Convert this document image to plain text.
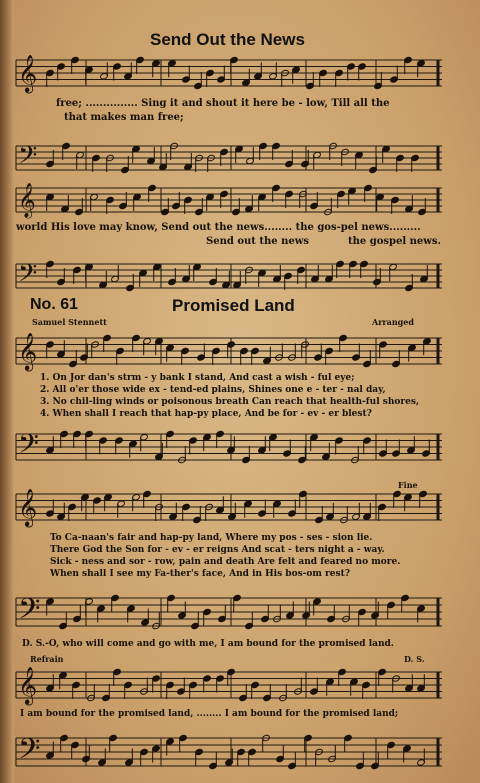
Send Out the News
𝄞
free; ............... Sing it and shout it here be - low, Till all the
that makes man free;
𝄢
𝄞
world His love may know, Send out the news........ the gos-pel news.........
Send out the news	the gospel news.
𝄢
No. 61	Promised Land
Samuel Stennett	Arranged
𝄞
1. On Jor dan's strm - y bank I stand, And cast a wish - ful eye;
2. All o'er those wide ex - tend-ed plains, Shines one e - ter - nal day,
3. No chil-ling winds or poisonous breath Can reach that health-ful shores,
4. When shall I reach that hap-py place, And be for - ev - er blest?
𝄢
𝄞
Fine
To Ca-naan's fair and hap-py land, Where my pos - ses - sion lie.
There God the Son for - ev - er reigns And scat - ters night a - way.
Sick - ness and sor - row, pain and death Are felt and feared no more.
When shall I see my Fa-ther's face, And in His bos-om rest?
𝄢
D. S.-O, who will come and go with me, I am bound for the promised land.
Refrain	D. S.
𝄞
I am bound for the promised land, ........ I am bound for the promised land;
𝄢
